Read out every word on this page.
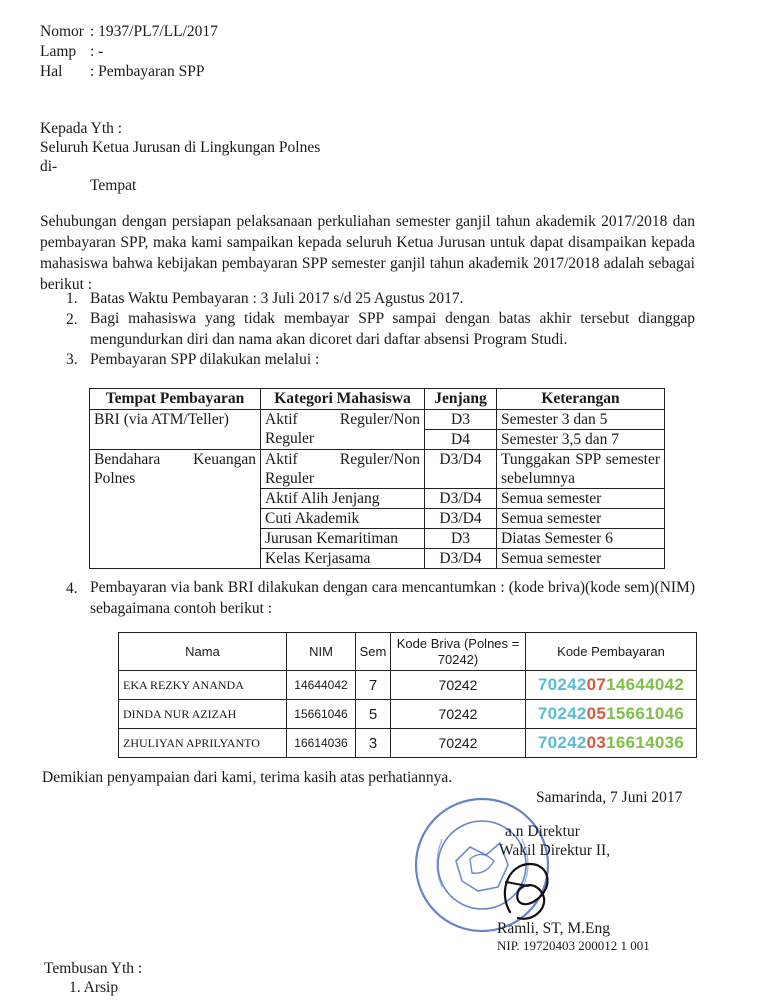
Nomor : 1937/PL7/LL/2017
Lamp : -
Hal : Pembayaran SPP
Kepada Yth :
Seluruh Ketua Jurusan di Lingkungan Polnes
di-
Tempat
Sehubungan dengan persiapan pelaksanaan perkuliahan semester ganjil tahun akademik 2017/2018 dan pembayaran SPP, maka kami sampaikan kepada seluruh Ketua Jurusan untuk dapat disampaikan kepada mahasiswa bahwa kebijakan pembayaran SPP semester ganjil tahun akademik 2017/2018 adalah sebagai berikut :
1. Batas Waktu Pembayaran : 3 Juli 2017 s/d 25 Agustus 2017.
2. Bagi mahasiswa yang tidak membayar SPP sampai dengan batas akhir tersebut dianggap mengundurkan diri dan nama akan dicoret dari daftar absensi Program Studi.
3. Pembayaran SPP dilakukan melalui :
Tempat Pembayaran	Kategori Mahasiswa	Jenjang	Keterangan
BRI (via ATM/Teller)	Aktif Reguler/Non Reguler	D3	Semester 3 dan 5
		D4	Semester 3,5 dan 7
Bendahara Keuangan Polnes	Aktif Reguler/Non Reguler	D3/D4	Tunggakan SPP semester sebelumnya
	Aktif Alih Jenjang	D3/D4	Semua semester
	Cuti Akademik	D3/D4	Semua semester
	Jurusan Kemaritiman	D3	Diatas Semester 6
	Kelas Kerjasama	D3/D4	Semua semester
4. Pembayaran via bank BRI dilakukan dengan cara mencantumkan : (kode briva)(kode sem)(NIM) sebagaimana contoh berikut :
Nama	NIM	Sem	Kode Briva (Polnes = 70242)	Kode Pembayaran
EKA REZKY ANANDA	14644042	7	70242	702420714644042
DINDA NUR AZIZAH	15661046	5	70242	702420515661046
ZHULIYAN APRILYANTO	16614036	3	70242	702420316614036
Demikian penyampaian dari kami, terima kasih atas perhatiannya.
Samarinda, 7 Juni 2017
a.n Direktur
Wakil Direktur II,
Ramli, ST, M.Eng
NIP. 19720403 200012 1 001
Tembusan Yth :
1. Arsip
